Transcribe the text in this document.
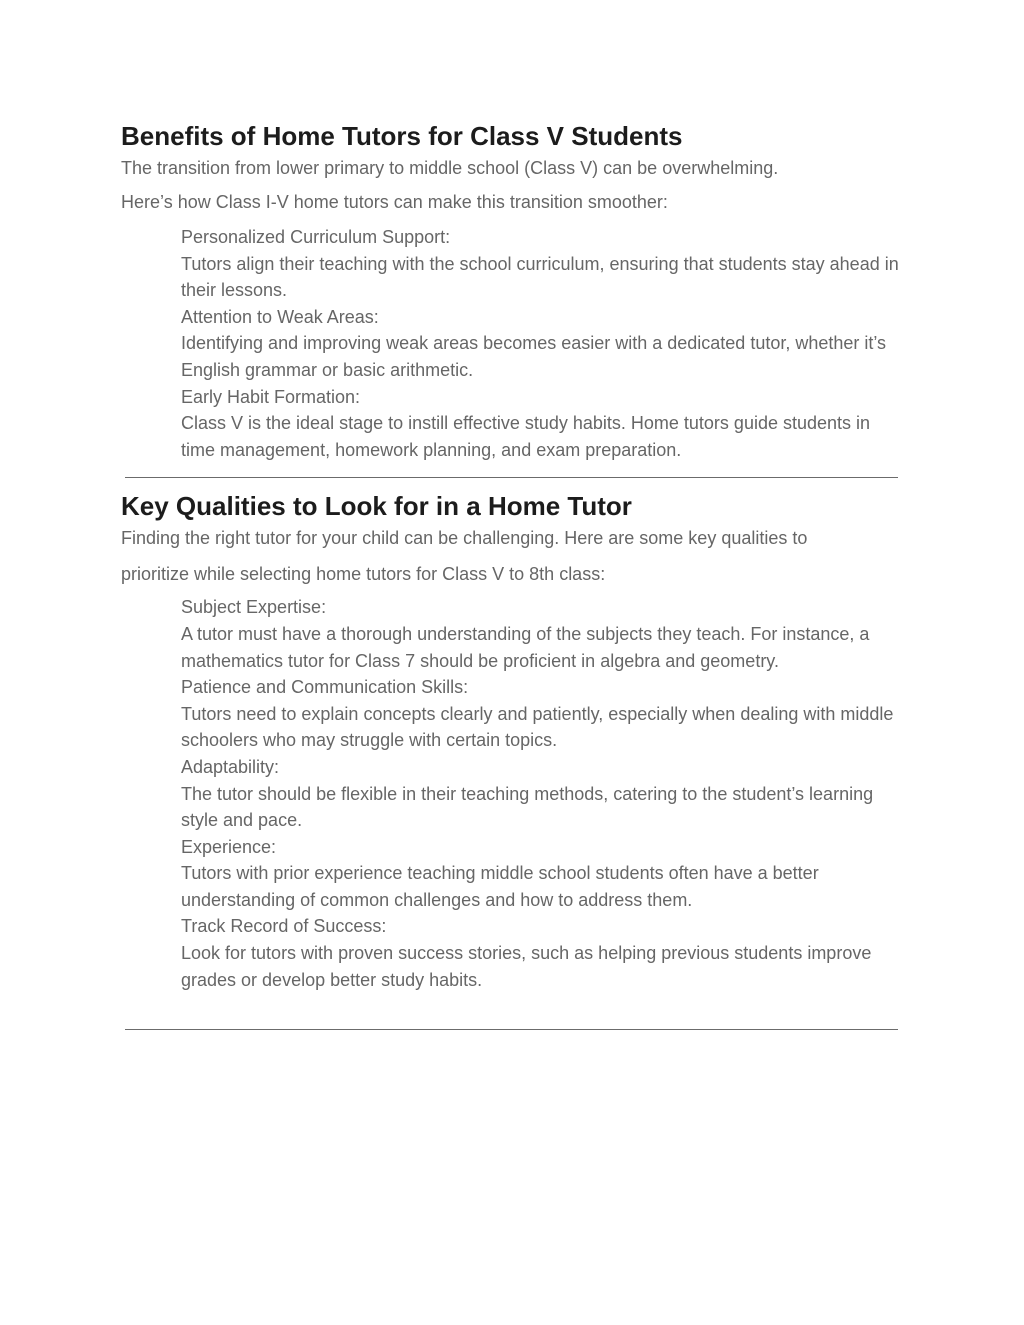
Benefits of Home Tutors for Class V Students

The transition from lower primary to middle school (Class V) can be overwhelming.

Here’s how Class I-V home tutors can make this transition smoother:

Personalized Curriculum Support:
Tutors align their teaching with the school curriculum, ensuring that students stay ahead in their lessons.
Attention to Weak Areas:
Identifying and improving weak areas becomes easier with a dedicated tutor, whether it’s English grammar or basic arithmetic.
Early Habit Formation:
Class V is the ideal stage to instill effective study habits. Home tutors guide students in time management, homework planning, and exam preparation.
Key Qualities to Look for in a Home Tutor

Finding the right tutor for your child can be challenging. Here are some key qualities to

prioritize while selecting home tutors for Class V to 8th class:

Subject Expertise:
A tutor must have a thorough understanding of the subjects they teach. For instance, a mathematics tutor for Class 7 should be proficient in algebra and geometry.
Patience and Communication Skills:
Tutors need to explain concepts clearly and patiently, especially when dealing with middle schoolers who may struggle with certain topics.
Adaptability:
The tutor should be flexible in their teaching methods, catering to the student’s learning style and pace.
Experience:
Tutors with prior experience teaching middle school students often have a better understanding of common challenges and how to address them.
Track Record of Success:
Look for tutors with proven success stories, such as helping previous students improve grades or develop better study habits.
